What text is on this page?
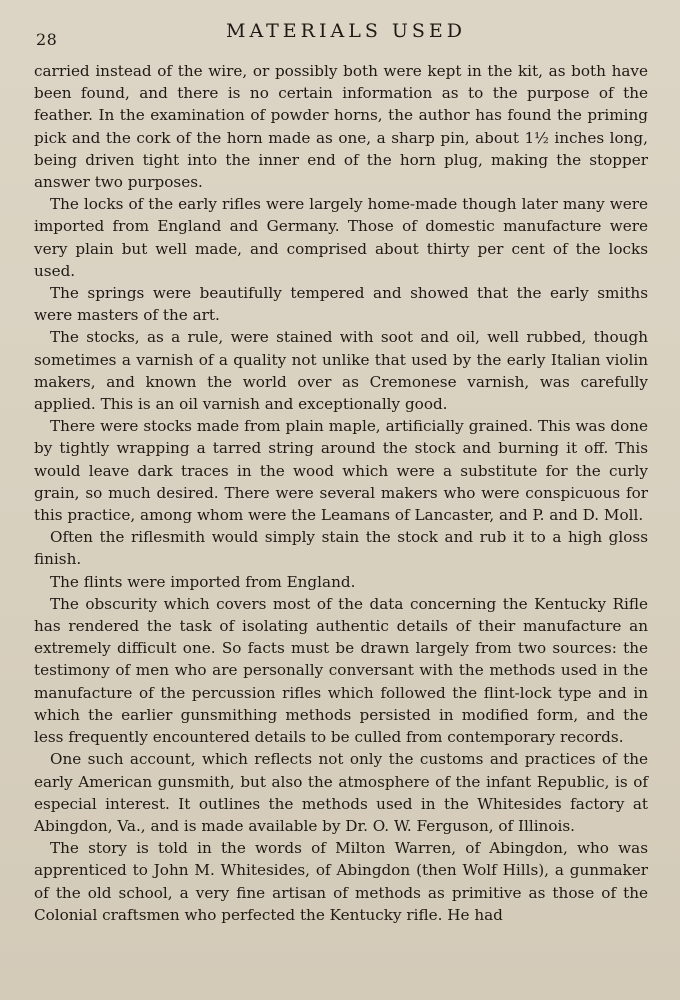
28	MATERIALS USED

carried instead of the wire, or possibly both were kept in the kit, as both have been found, and there is no certain information as to the purpose of the feather. In the examination of powder horns, the author has found the priming pick and the cork of the horn made as one, a sharp pin, about 1½ inches long, being driven tight into the inner end of the horn plug, making the stopper answer two purposes.

The locks of the early rifles were largely home-made though later many were imported from England and Germany. Those of domestic manufacture were very plain but well made, and comprised about thirty per cent of the locks used.

The springs were beautifully tempered and showed that the early smiths were masters of the art.

The stocks, as a rule, were stained with soot and oil, well rubbed, though sometimes a varnish of a quality not unlike that used by the early Italian violin makers, and known the world over as Cremonese varnish, was carefully applied. This is an oil varnish and exceptionally good.

There were stocks made from plain maple, artificially grained. This was done by tightly wrapping a tarred string around the stock and burning it off. This would leave dark traces in the wood which were a substitute for the curly grain, so much desired. There were several makers who were conspicuous for this practice, among whom were the Leamans of Lancaster, and P. and D. Moll.

Often the riflesmith would simply stain the stock and rub it to a high gloss finish.

The flints were imported from England.

The obscurity which covers most of the data concerning the Kentucky Rifle has rendered the task of isolating authentic details of their manufacture an extremely difficult one. So facts must be drawn largely from two sources: the testimony of men who are personally conversant with the methods used in the manufacture of the percussion rifles which followed the flint-lock type and in which the earlier gunsmithing methods persisted in modified form, and the less frequently encountered details to be culled from contemporary records.

One such account, which reflects not only the customs and practices of the early American gunsmith, but also the atmosphere of the infant Republic, is of especial interest. It outlines the methods used in the Whitesides factory at Abingdon, Va., and is made available by Dr. O. W. Ferguson, of Illinois.

The story is told in the words of Milton Warren, of Abingdon, who was apprenticed to John M. Whitesides, of Abingdon (then Wolf Hills), a gunmaker of the old school, a very fine artisan of methods as primitive as those of the Colonial craftsmen who perfected the Kentucky rifle. He had
